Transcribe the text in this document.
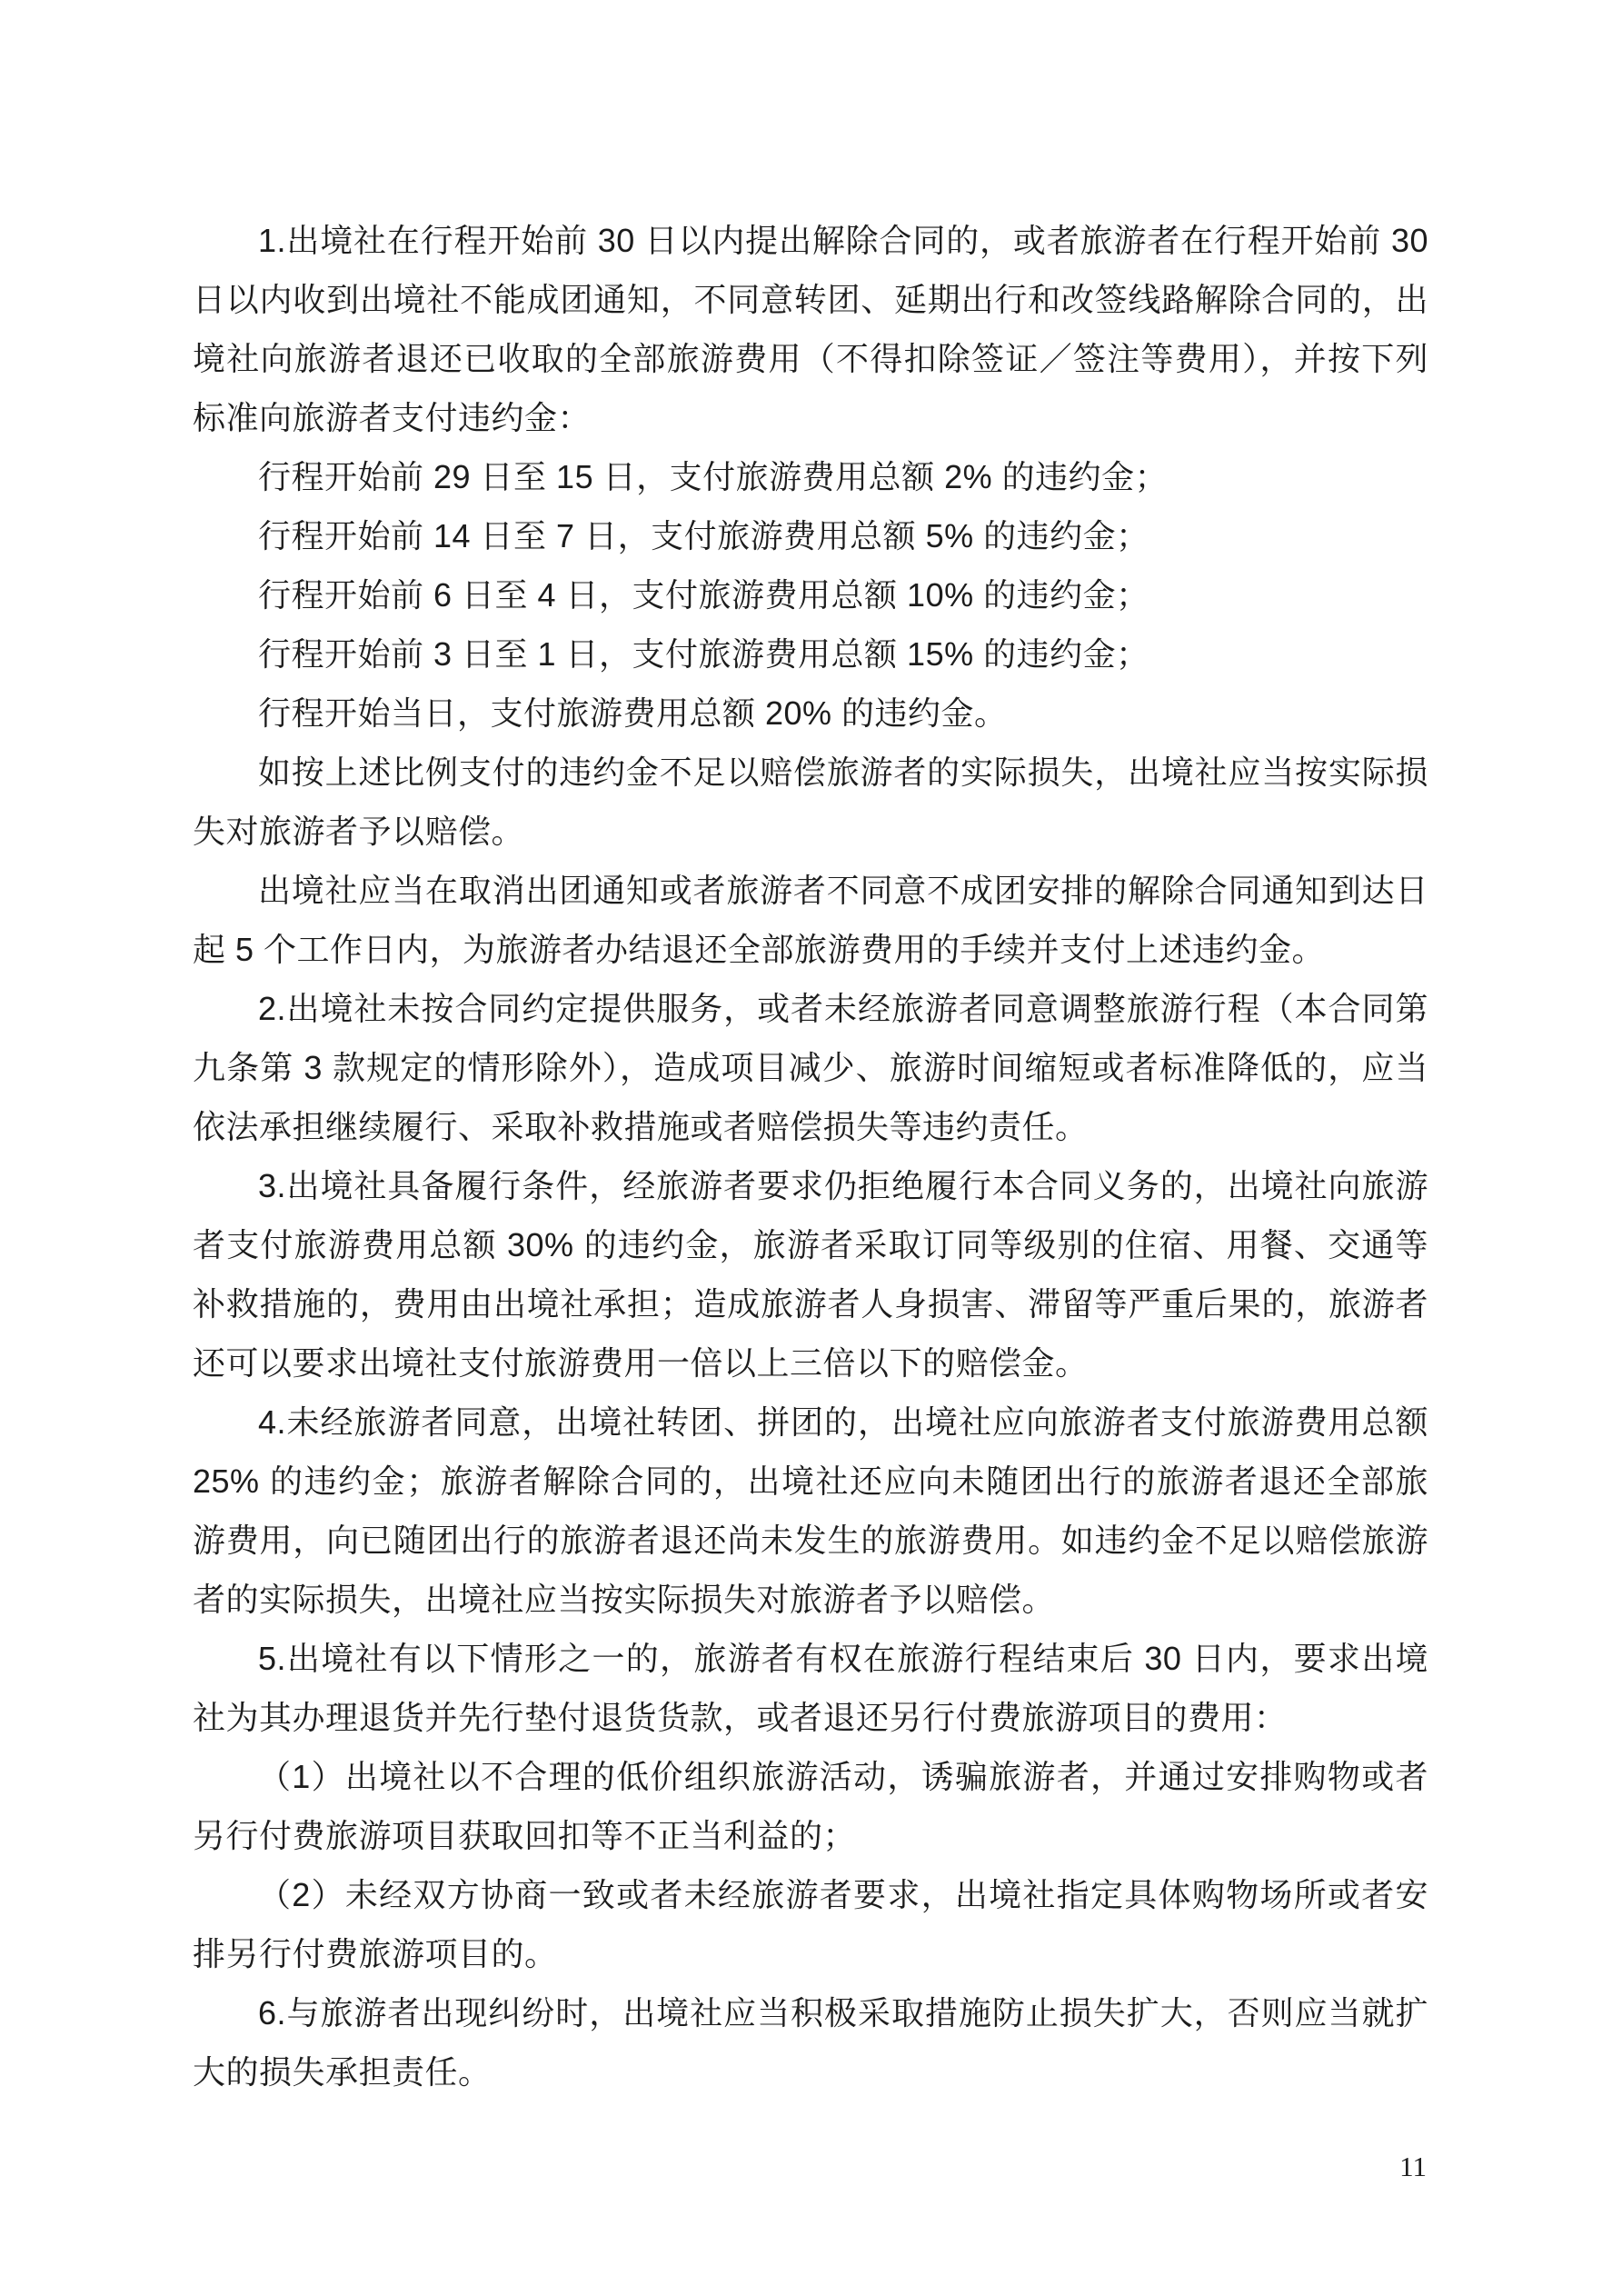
1.出境社在行程开始前 30 日以内提出解除合同的，或者旅游者在行程开始前 30 日以内收到出境社不能成团通知，不同意转团、延期出行和改签线路解除合同的，出境社向旅游者退还已收取的全部旅游费用（不得扣除签证／签注等费用），并按下列标准向旅游者支付违约金：

行程开始前 29 日至 15 日，支付旅游费用总额 2% 的违约金；

行程开始前 14 日至 7 日，支付旅游费用总额 5% 的违约金；

行程开始前 6 日至 4 日，支付旅游费用总额 10% 的违约金；

行程开始前 3 日至 1 日，支付旅游费用总额 15% 的违约金；

行程开始当日，支付旅游费用总额 20% 的违约金。

如按上述比例支付的违约金不足以赔偿旅游者的实际损失，出境社应当按实际损失对旅游者予以赔偿。

出境社应当在取消出团通知或者旅游者不同意不成团安排的解除合同通知到达日起 5 个工作日内，为旅游者办结退还全部旅游费用的手续并支付上述违约金。

2.出境社未按合同约定提供服务，或者未经旅游者同意调整旅游行程（本合同第九条第 3 款规定的情形除外），造成项目减少、旅游时间缩短或者标准降低的，应当依法承担继续履行、采取补救措施或者赔偿损失等违约责任。

3.出境社具备履行条件，经旅游者要求仍拒绝履行本合同义务的，出境社向旅游者支付旅游费用总额 30% 的违约金，旅游者采取订同等级别的住宿、用餐、交通等补救措施的，费用由出境社承担；造成旅游者人身损害、滞留等严重后果的，旅游者还可以要求出境社支付旅游费用一倍以上三倍以下的赔偿金。

4.未经旅游者同意，出境社转团、拼团的，出境社应向旅游者支付旅游费用总额 25% 的违约金；旅游者解除合同的，出境社还应向未随团出行的旅游者退还全部旅游费用，向已随团出行的旅游者退还尚未发生的旅游费用。如违约金不足以赔偿旅游者的实际损失，出境社应当按实际损失对旅游者予以赔偿。

5.出境社有以下情形之一的，旅游者有权在旅游行程结束后 30 日内，要求出境社为其办理退货并先行垫付退货货款，或者退还另行付费旅游项目的费用：

（1）出境社以不合理的低价组织旅游活动，诱骗旅游者，并通过安排购物或者另行付费旅游项目获取回扣等不正当利益的；

（2）未经双方协商一致或者未经旅游者要求，出境社指定具体购物场所或者安排另行付费旅游项目的。

6.与旅游者出现纠纷时，出境社应当积极采取措施防止损失扩大，否则应当就扩大的损失承担责任。

11
